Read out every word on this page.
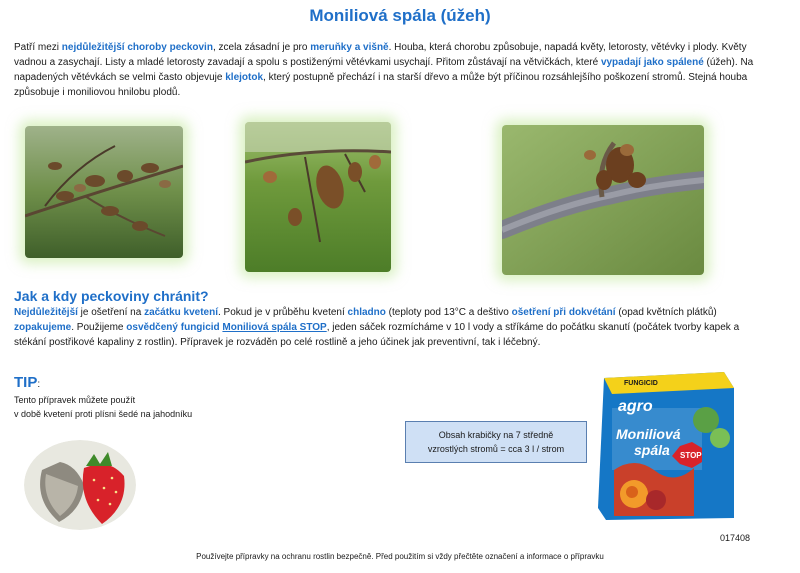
Moniliová spála (úžeh)
Patří mezi nejdůležitější choroby peckovin, zcela zásadní je pro meruňky a višně. Houba, která chorobu způsobuje, napadá květy, letorosty, větévky i plody. Květy vadnou a zasychají. Listy a mladé letorosty zavadají a spolu s postiženými větévkami usychají. Přitom zůstávají na větvičkách, které vypadají jako spálené (úžeh). Na napadených větévkách se velmi často objevuje klejotok, který postupně přechází i na starší dřevo a může být příčinou rozsáhlejšího poškození stromů. Stejná houba způsobuje i moniliovou hnilobu plodů.
Jak a kdy peckoviny chránit?
Nejdůležitější je ošetření na začátku kvetení. Pokud je v průběhu kvetení chladno (teploty pod 13°C a deštivo ošetření při dokvétání (opad květních plátků) zopakujeme. Použijeme osvědčený fungicid Moniliová spála STOP, jeden sáček rozmícháme v 10 l vody a stříkáme do počátku skanutí (počátek tvorby kapek a stékání postřikové kapaliny z rostlin). Přípravek je rozváděn po celé rostlině a jeho účinek jak preventivní, tak i léčebný.
TIP:
Tento přípravek můžete použít
v době kvetení proti plísni šedé na jahodníku
Obsah krabičky na 7 středně
vzrostlých stromů = cca 3 l / strom
FUNGICID
agro
Moniliová
spála STOP
017408
Používejte přípravky na ochranu rostlin bezpečně. Před použitím si vždy přečtěte označení a informace o přípravku
